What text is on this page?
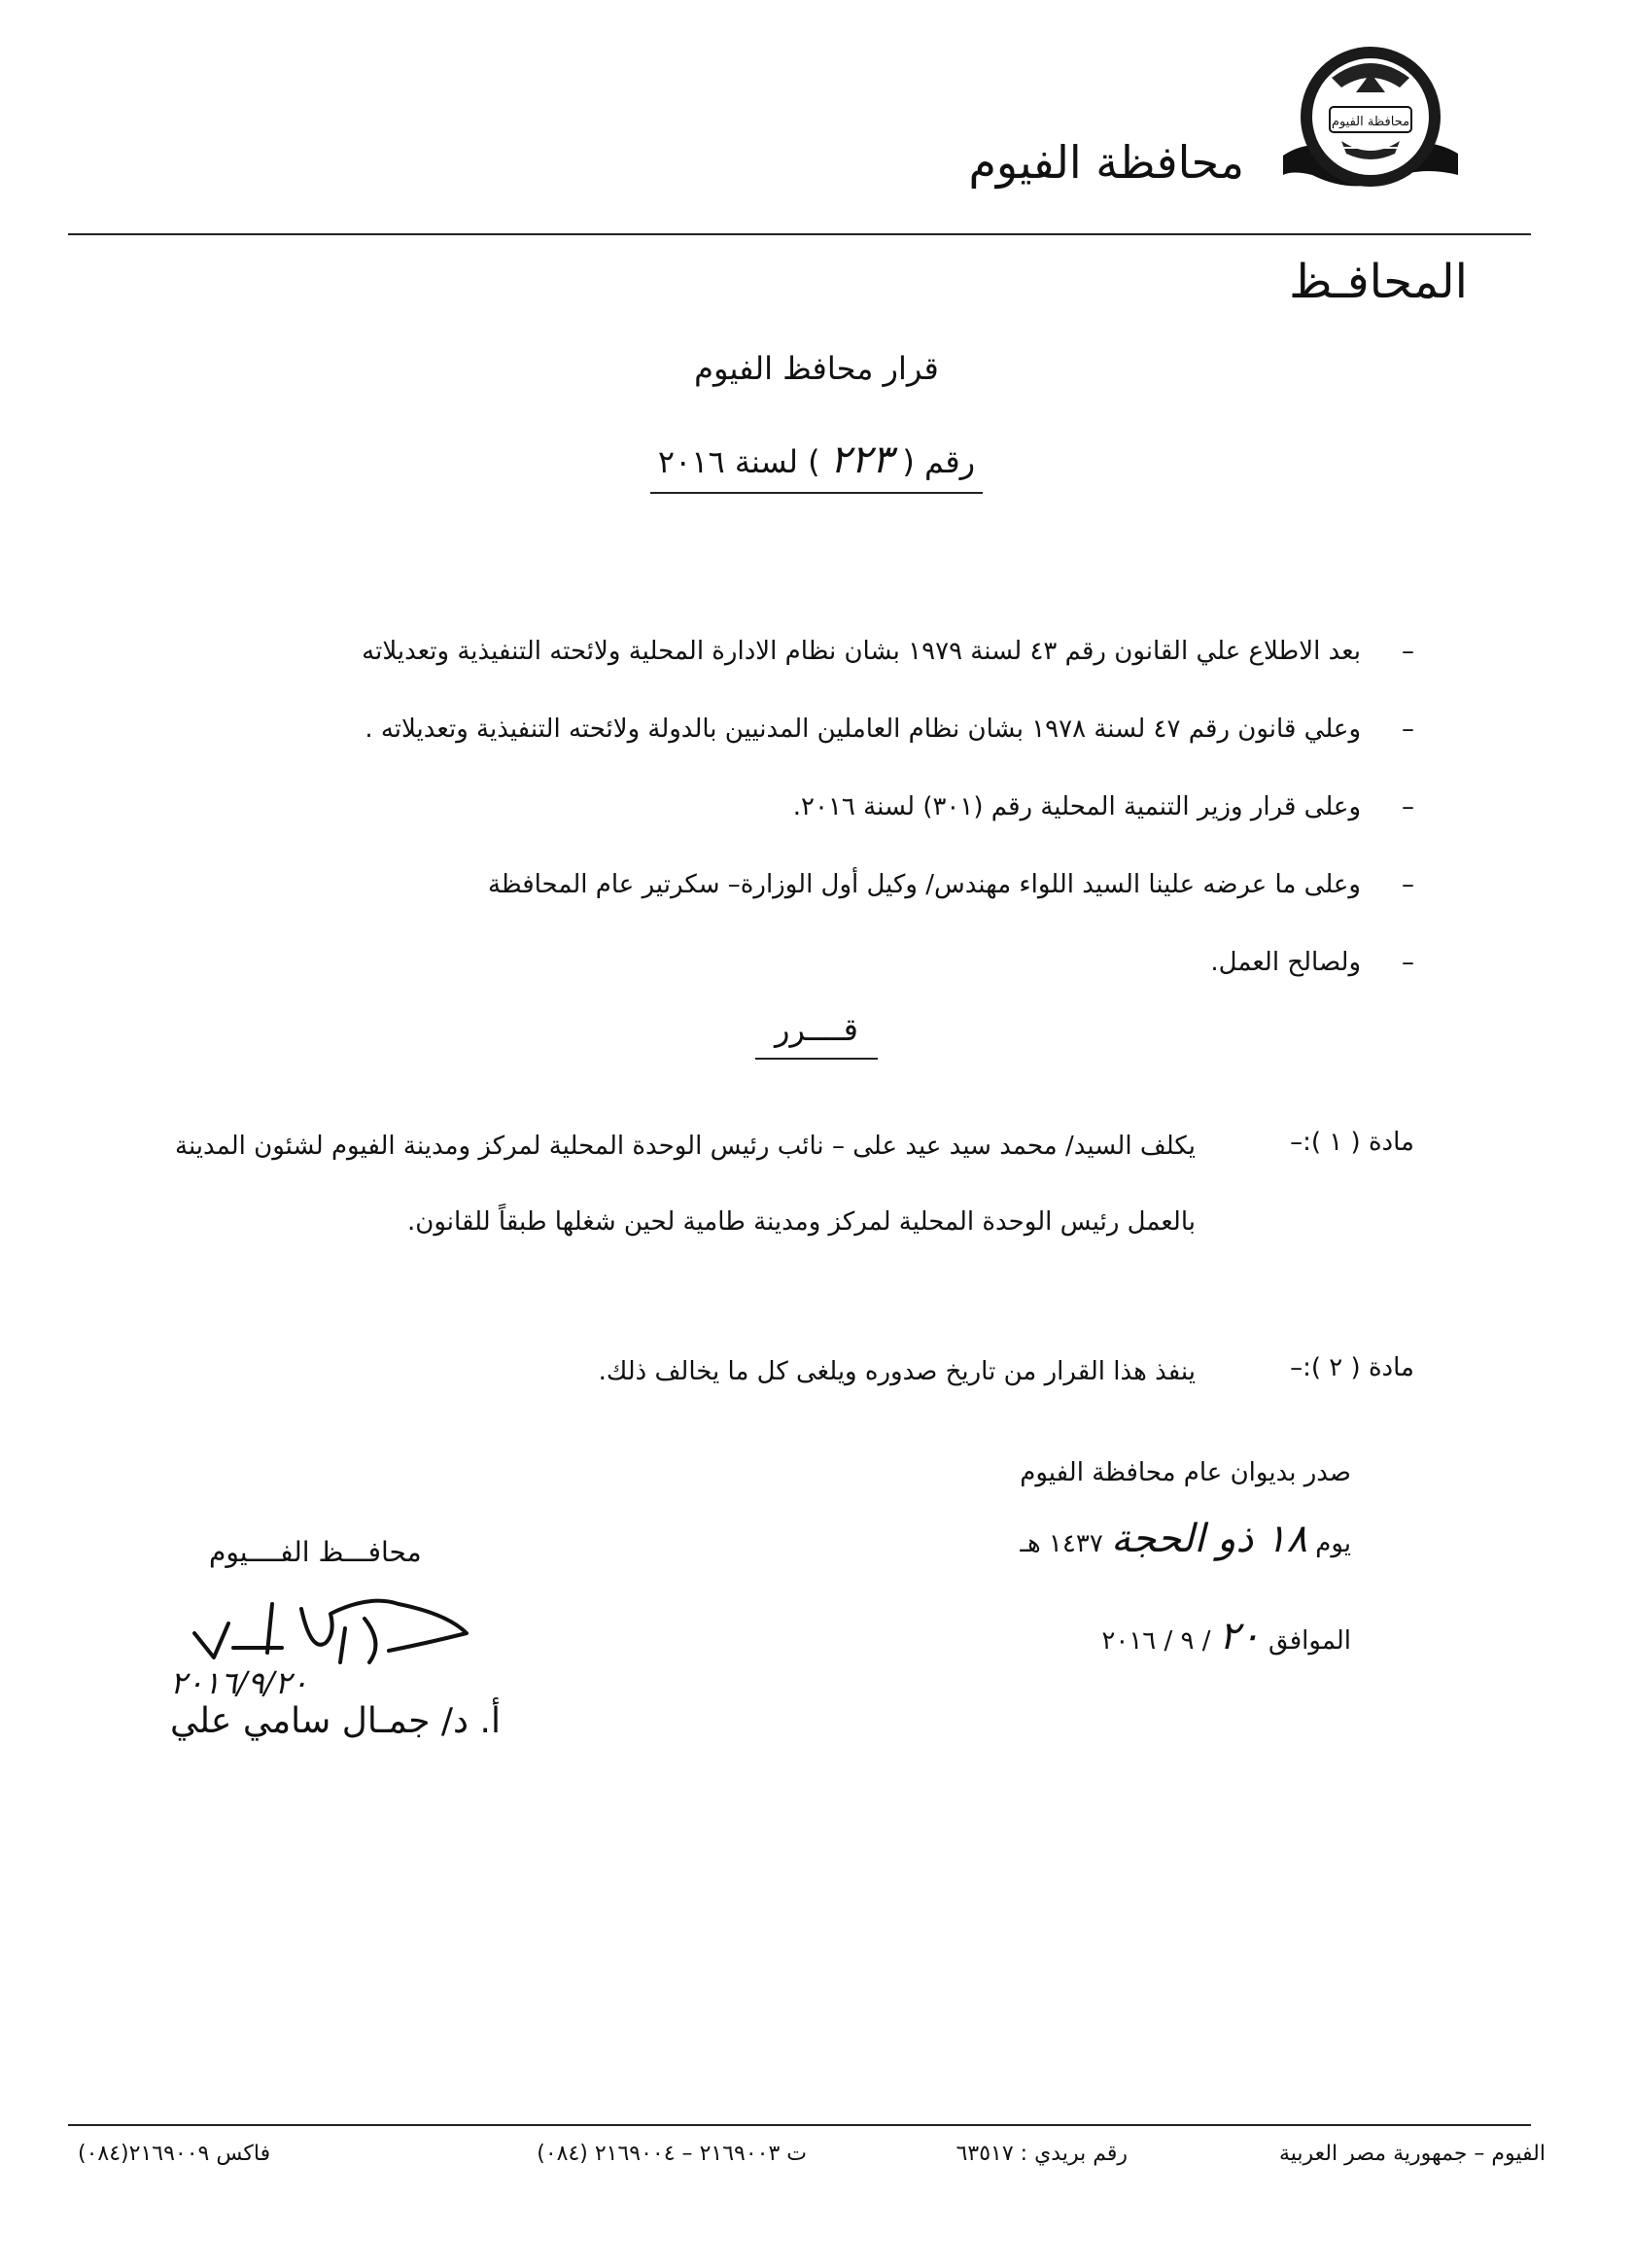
محافظة الفيوم
محافظة الفيوم
المحافـظ
قرار محافظ الفيوم
رقم ( ٢٢٣ ) لسنة ٢٠١٦
–بعد الاطلاع علي القانون رقم ٤٣ لسنة ١٩٧٩ بشان نظام الادارة المحلية ولائحته التنفيذية وتعديلاته
–وعلي قانون رقم ٤٧ لسنة ١٩٧٨ بشان نظام العاملين المدنيين بالدولة ولائحته التنفيذية وتعديلاته .
–وعلى قرار وزير التنمية المحلية رقم (٣٠١) لسنة ٢٠١٦.
–وعلى ما عرضه علينا السيد اللواء مهندس/ وكيل أول الوزارة– سكرتير عام المحافظة
–ولصالح العمل.
قــــرر
مادة ( ١ ):–
يكلف السيد/ محمد سيد عيد على – نائب رئيس الوحدة المحلية لمركز ومدينة الفيوم لشئون المدينة بالعمل رئيس الوحدة المحلية لمركز ومدينة طامية لحين شغلها طبقاً للقانون.
مادة ( ٢ ):–
ينفذ هذا القرار من تاريخ صدوره ويلغى كل ما يخالف ذلك.
صدر بديوان عام محافظة الفيوم
يوم ١٨ ذو الحجة ١٤٣٧ هـ
الموافق ٢٠ / ٩ / ٢٠١٦
محافـــظ الفــــيوم
٢٠١٦/٩/٢٠
أ. د/ جمـال سامي علي
الفيوم – جمهورية مصر العربية
رقم بريدي : ٦٣٥١٧
ت ٢١٦٩٠٠٣ – ٢١٦٩٠٠٤ (٠٨٤)
فاكس ٢١٦٩٠٠٩(٠٨٤)
